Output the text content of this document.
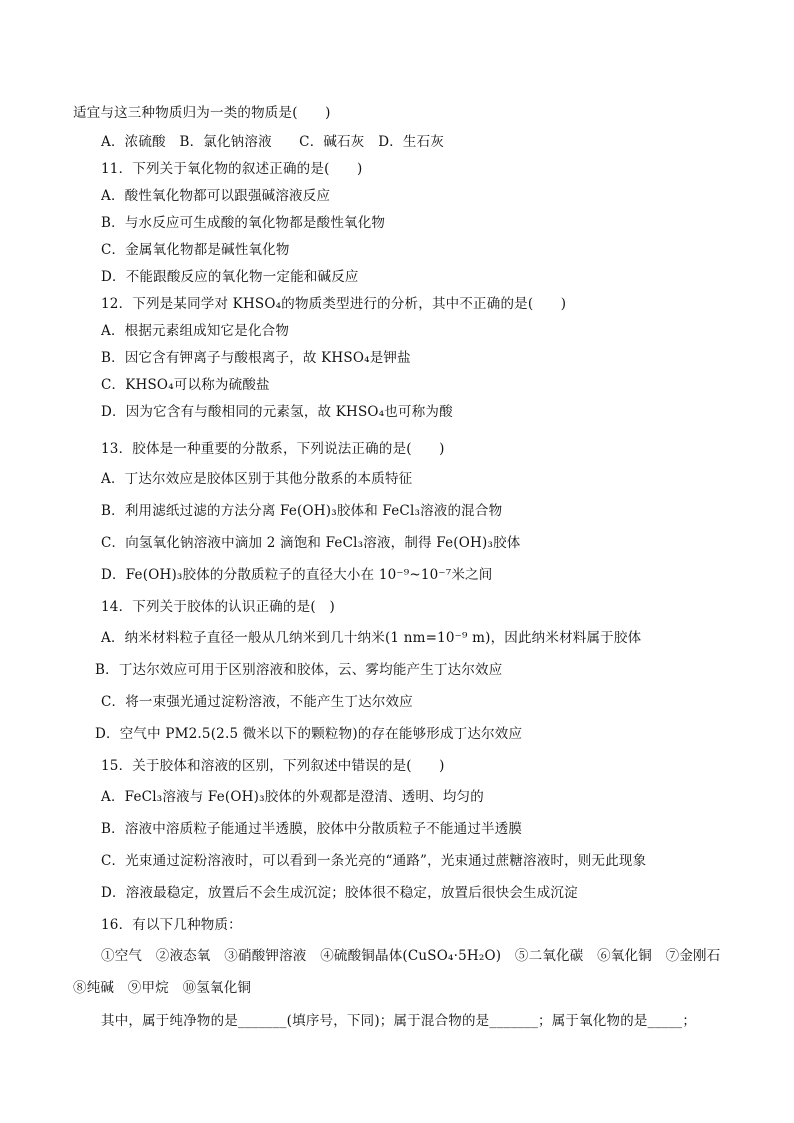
适宜与这三种物质归为一类的物质是(　　)
A．浓硫酸　B．氯化钠溶液　　C．碱石灰　D．生石灰
11．下列关于氧化物的叙述正确的是(　　)
A．酸性氧化物都可以跟强碱溶液反应
B．与水反应可生成酸的氧化物都是酸性氧化物
C．金属氧化物都是碱性氧化物
D．不能跟酸反应的氧化物一定能和碱反应
12．下列是某同学对 KHSO₄的物质类型进行的分析，其中不正确的是(　　)
A．根据元素组成知它是化合物
B．因它含有钾离子与酸根离子，故 KHSO₄是钾盐
C．KHSO₄可以称为硫酸盐
D．因为它含有与酸相同的元素氢，故 KHSO₄也可称为酸
13．胶体是一种重要的分散系，下列说法正确的是(　　)
A．丁达尔效应是胶体区别于其他分散系的本质特征
B．利用滤纸过滤的方法分离 Fe(OH)₃胶体和 FeCl₃溶液的混合物
C．向氢氧化钠溶液中滴加 2 滴饱和 FeCl₃溶液，制得 Fe(OH)₃胶体
D．Fe(OH)₃胶体的分散质粒子的直径大小在 10⁻⁹~10⁻⁷米之间
14．下列关于胶体的认识正确的是(　)
A．纳米材料粒子直径一般从几纳米到几十纳米(1 nm=10⁻⁹ m)，因此纳米材料属于胶体
B．丁达尔效应可用于区别溶液和胶体，云、雾均能产生丁达尔效应
C．将一束强光通过淀粉溶液，不能产生丁达尔效应
D．空气中 PM2.5(2.5 微米以下的颗粒物)的存在能够形成丁达尔效应
15．关于胶体和溶液的区别，下列叙述中错误的是(　　)
A．FeCl₃溶液与 Fe(OH)₃胶体的外观都是澄清、透明、均匀的
B．溶液中溶质粒子能通过半透膜，胶体中分散质粒子不能通过半透膜
C．光束通过淀粉溶液时，可以看到一条光亮的“通路”，光束通过蔗糖溶液时，则无此现象
D．溶液最稳定，放置后不会生成沉淀；胶体很不稳定，放置后很快会生成沉淀
16．有以下几种物质：
①空气　②液态氧　③硝酸钾溶液　④硫酸铜晶体(CuSO₄·5H₂O)　⑤二氧化碳　⑥氧化铜　⑦金刚石
⑧纯碱　⑨甲烷　⑩氢氧化铜
其中，属于纯净物的是_______(填序号，下同)；属于混合物的是_______；属于氧化物的是_____；
